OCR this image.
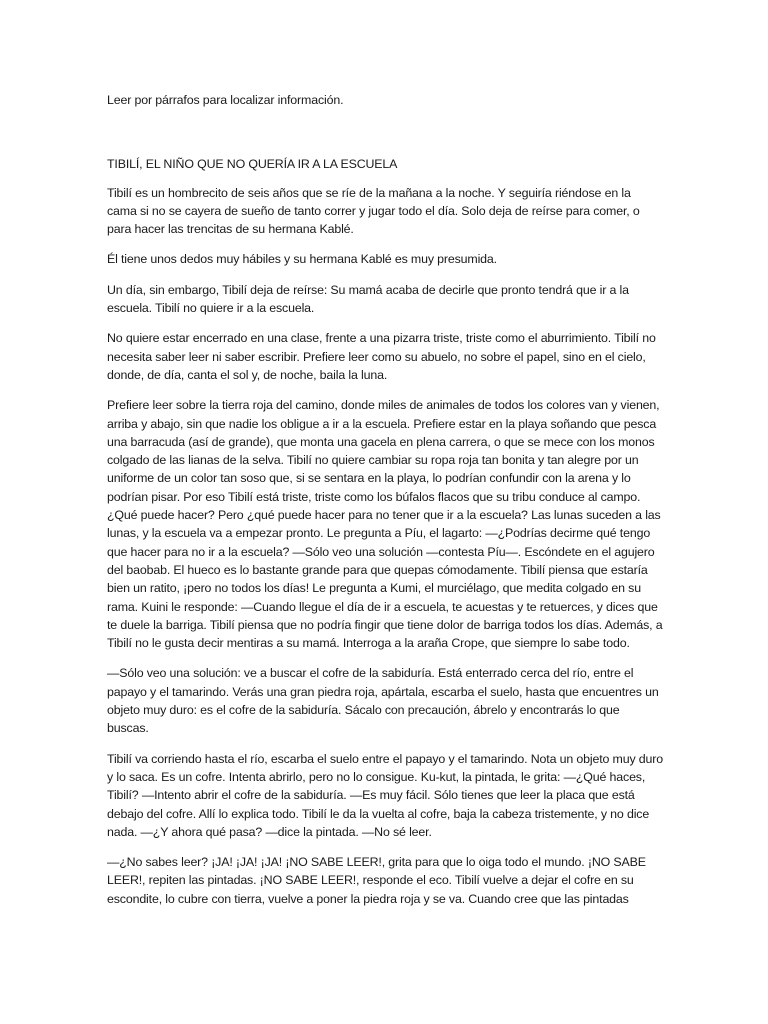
Leer por párrafos para localizar información.

TIBILÍ, EL NIÑO QUE NO QUERÍA IR A LA ESCUELA

Tibilí es un hombrecito de seis años que se ríe de la mañana a la noche. Y seguiría riéndose en la cama si no se cayera de sueño de tanto correr y jugar todo el día. Solo deja de reírse para comer, o para hacer las trencitas de su hermana Kablé.

Él tiene unos dedos muy hábiles y su hermana Kablé es muy presumida.

Un día, sin embargo, Tibilí deja de reírse: Su mamá acaba de decirle que pronto tendrá que ir a la escuela. Tibilí no quiere ir a la escuela.

No quiere estar encerrado en una clase, frente a una pizarra triste, triste como el aburrimiento. Tibilí no necesita saber leer ni saber escribir. Prefiere leer como su abuelo, no sobre el papel, sino en el cielo, donde, de día, canta el sol y, de noche, baila la luna.

Prefiere leer sobre la tierra roja del camino, donde miles de animales de todos los colores van y vienen, arriba y abajo, sin que nadie los obligue a ir a la escuela. Prefiere estar en la playa soñando que pesca una barracuda (así de grande), que monta una gacela en plena carrera, o que se mece con los monos colgado de las lianas de la selva. Tibilí no quiere cambiar su ropa roja tan bonita y tan alegre por un uniforme de un color tan soso que, si se sentara en la playa, lo podrían confundir con la arena y lo podrían pisar. Por eso Tibilí está triste, triste como los búfalos flacos que su tribu conduce al campo. ¿Qué puede hacer? Pero ¿qué puede hacer para no tener que ir a la escuela? Las lunas suceden a las lunas, y la escuela va a empezar pronto. Le pregunta a Píu, el lagarto: —¿Podrías decirme qué tengo que hacer para no ir a la escuela? —Sólo veo una solución —contesta Píu—. Escóndete en el agujero del baobab. El hueco es lo bastante grande para que quepas cómodamente. Tibilí piensa que estaría bien un ratito, ¡pero no todos los días! Le pregunta a Kumi, el murciélago, que medita colgado en su rama. Kuini le responde: —Cuando llegue el día de ir a escuela, te acuestas y te retuerces, y dices que te duele la barriga. Tibilí piensa que no podría fingir que tiene dolor de barriga todos los días. Además, a Tibilí no le gusta decir mentiras a su mamá. Interroga a la araña Crope, que siempre lo sabe todo.

—Sólo veo una solución: ve a buscar el cofre de la sabiduría. Está enterrado cerca del río, entre el papayo y el tamarindo. Verás una gran piedra roja, apártala, escarba el suelo, hasta que encuentres un objeto muy duro: es el cofre de la sabiduría. Sácalo con precaución, ábrelo y encontrarás lo que buscas.

Tibilí va corriendo hasta el río, escarba el suelo entre el papayo y el tamarindo. Nota un objeto muy duro y lo saca. Es un cofre. Intenta abrirlo, pero no lo consigue. Ku-kut, la pintada, le grita: —¿Qué haces, Tibilí? —Intento abrir el cofre de la sabiduría. —Es muy fácil. Sólo tienes que leer la placa que está debajo del cofre. Allí lo explica todo. Tibilí le da la vuelta al cofre, baja la cabeza tristemente, y no dice nada. —¿Y ahora qué pasa? —dice la pintada. —No sé leer.

—¿No sabes leer? ¡JA! ¡JA! ¡JA! ¡NO SABE LEER!, grita para que lo oiga todo el mundo. ¡NO SABE LEER!, repiten las pintadas. ¡NO SABE LEER!, responde el eco. Tibilí vuelve a dejar el cofre en su escondite, lo cubre con tierra, vuelve a poner la piedra roja y se va. Cuando cree que las pintadas
